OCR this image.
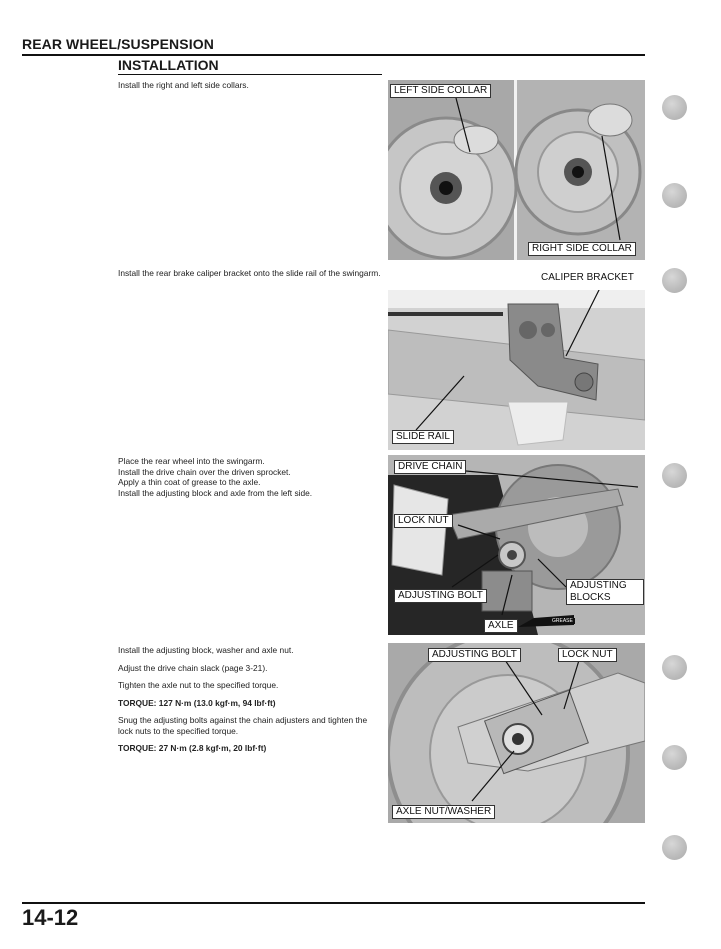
REAR WHEEL/SUSPENSION
INSTALLATION

Install the right and left side collars.

Install the rear brake caliper bracket onto the slide rail of the swingarm.

Place the rear wheel into the swingarm.

Install the drive chain over the driven sprocket.

Apply a thin coat of grease to the axle.

Install the adjusting block and axle from the left side.

Install the adjusting block, washer and axle nut.

Adjust the drive chain slack (page 3-21).

Tighten the axle nut to the specified torque.

TORQUE: 127 N·m (13.0 kgf·m, 94 lbf·ft)

Snug the adjusting bolts against the chain adjusters and tighten the lock nuts to the specified torque.

TORQUE: 27 N·m (2.8 kgf·m, 20 lbf·ft)

LEFT SIDE COLLAR
RIGHT SIDE COLLAR
CALIPER BRACKET
SLIDE RAIL
DRIVE CHAIN
LOCK NUT
ADJUSTING BOLT
ADJUSTING BLOCKS
AXLE	GREASE
ADJUSTING BOLT	LOCK NUT
AXLE NUT/WASHER
14-12
